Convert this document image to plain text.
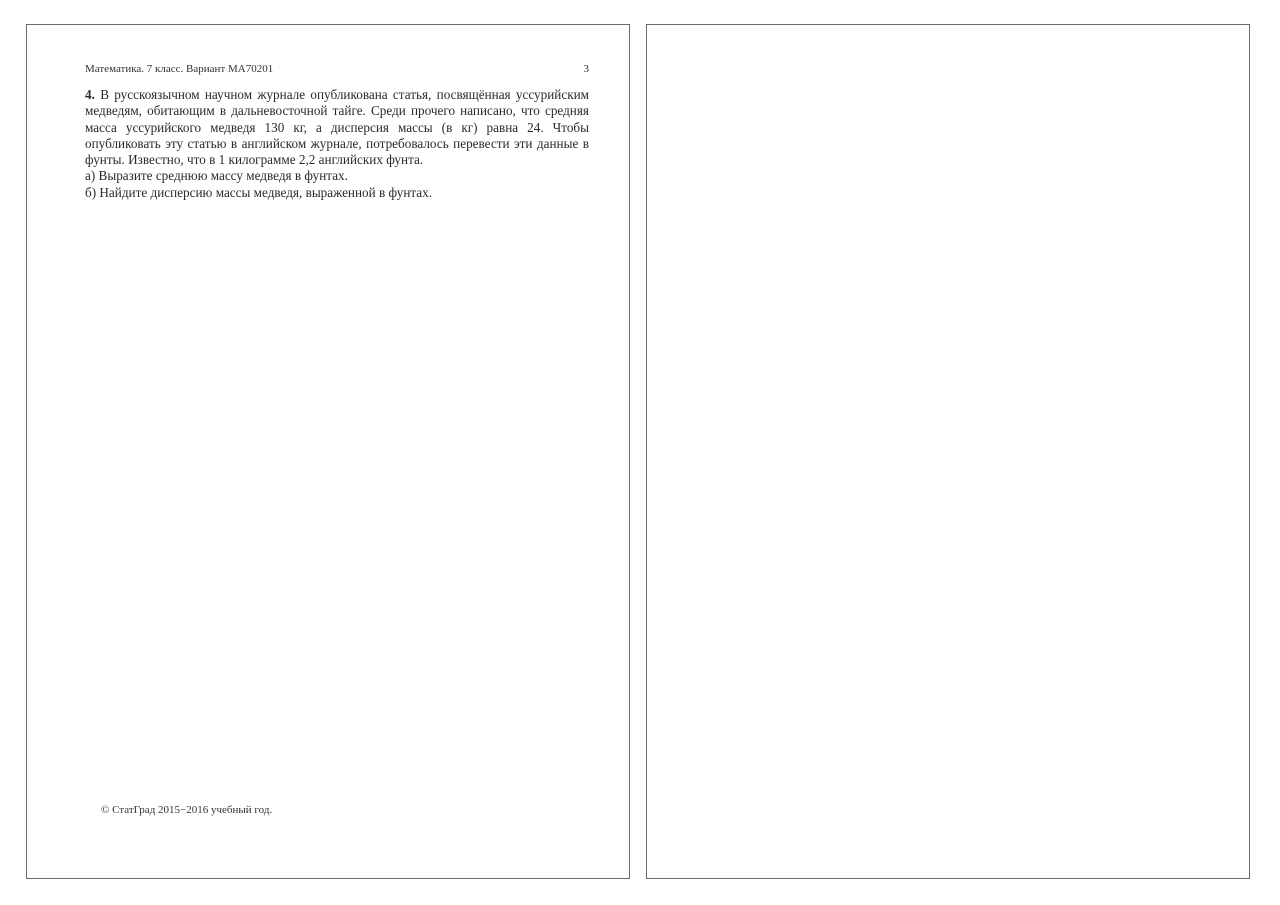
Математика. 7 класс. Вариант МА70201	3

4. В русскоязычном научном журнале опубликована статья, посвящённая уссурийским медведям, обитающим в дальневосточной тайге. Среди прочего написано, что средняя масса уссурийского медведя 130 кг, а дисперсия массы (в кг) равна 24. Чтобы опубликовать эту статью в английском журнале, потребовалось перевести эти данные в фунты. Известно, что в 1 килограмме 2,2 английских фунта.

а) Выразите среднюю массу медведя в фунтах.

б) Найдите дисперсию массы медведя, выраженной в фунтах.

© СтатГрад 2015−2016 учебный год.
